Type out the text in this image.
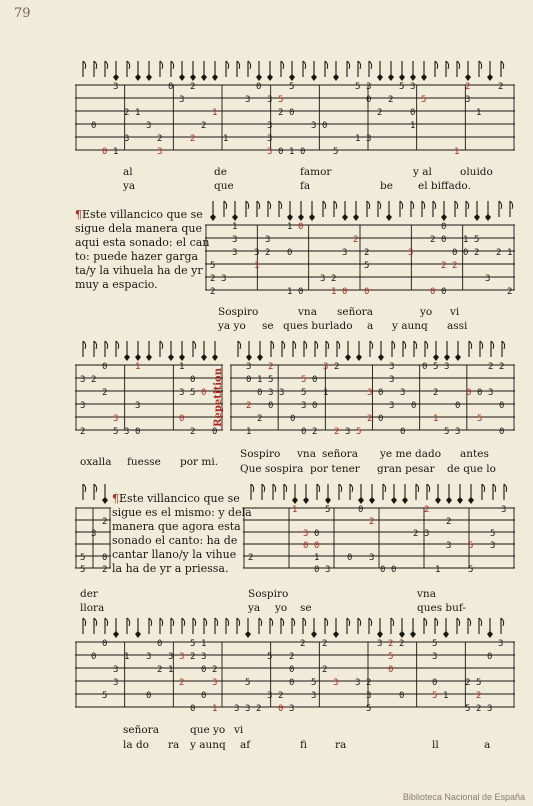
79
0
0
3
1
2
3
1
3
2
3
0
3
2
2
2
1
1
3
0
3
3
3
3
5
2
0
5
0
1 0
3 0
5
5
1
3
0
3
2
2
5 3
0
1
5
1
2
3
1
2
al	de	famor	y al	oluido
ya	que	fa	be el biffado.
¶Este villancico que se
sigue dela manera que
aqui esta sonado: el can
to: puede hazer garga
ta/y la vihuela ha de yr
muy a espacio.
5
2
2
3
1
3
3 3
1
3
2
1
0
1
0
0
3 2
1
3
0
2
2
5
0
3
2
0
0
0
2
0
0
2
1
0
5
2
3
2 1
2
Sospiro	vna señora	yo vi
ya yo se ques burlado a y aunq assi
3
3
2
2
0
2
3
5 3
1
3
0
1
3
0
0
5
2
0
0
3
0
2
1
1
0
2
2
5
3
0
3
0
5
5
3
0
0
0
2
3
1
2
2 3 5
3
2
0
0
3
3
3
3
0
0
0 5
2
1
3
5
0
3
0 0
5
2
3
2
0
0
Repetition
oxalla fuesse por mi.
Sospiro vna señora ye me dado antes
Que sospira por tener gran pesar de que lo
5
5
3
2
0
2
¶Este villancico que se
sigue es el mismo: y dela
manera que agora esta
sonado el canto: ha de
cantar llano/y la vihue
la ha de yr a priessa.
2
1
3
0
0
0
1
0
5
3
0
0
2
3
0 0
2
2
3
1
2
3 5
5
5
3
3
der	Sospiro	vna
llora	ya yo se	ques buf-
0
0
5
3
3
1 3
0
0
2
3
1
3
2
5
2
0
1
3
0
0
2
3
1 3
5
3 2
5
3 2
0
2
0
0
3
2
5
3
2
2
3 3 2
3
5
3 2
5
0
2
0
5
3
0
5 1
2
5
5
2
2
0
3
3
señora	que yo vi
la do ra y aunq af	fi	ra	ll	a
Biblioteca Nacional de España
